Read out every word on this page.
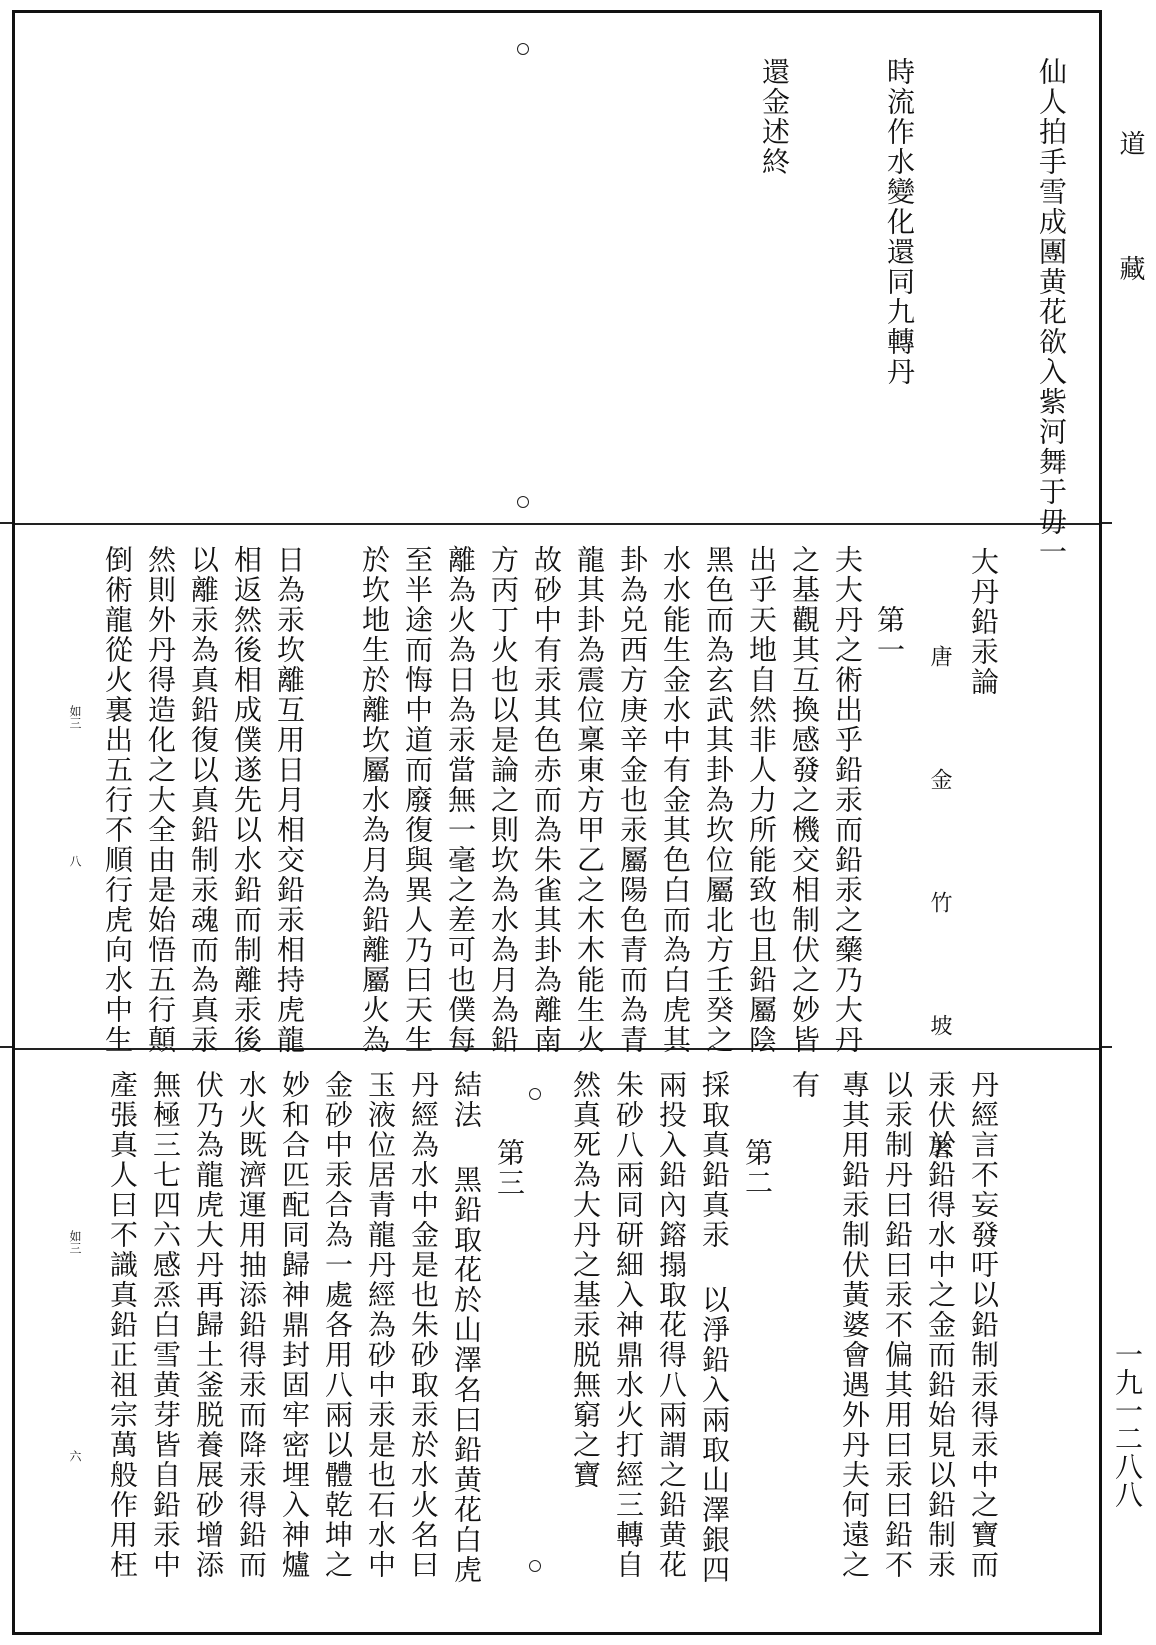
道
藏
一九一二八八
仙人拍手雪成團黄花欲入紫河舞于毋一
時流作水變化還同九轉丹
還金述終
大丹鉛汞論
唐 金 竹 坡 著
第一
夫大丹之術出乎鉛汞而鉛汞之藥乃大丹
之基觀其互換感發之機交相制伏之妙皆
出乎天地自然非人力所能致也且鉛屬陰
黑色而為玄武其卦為坎位屬北方壬癸之
水水能生金水中有金其色白而為白虎其
卦為兑西方庚辛金也汞屬陽色青而為青
龍其卦為震位稟東方甲乙之木木能生火
故砂中有汞其色赤而為朱雀其卦為離南
方丙丁火也以是論之則坎為水為月為鉛
離為火為日為汞當無一毫之差可也僕每
至半途而悔中道而廢復與異人乃曰天生
於坎地生於離坎屬水為月為鉛離屬火為
日為汞坎離互用日月相交鉛汞相持虎龍
相返然後相成僕遂先以水鉛而制離汞後
以離汞為真鉛復以真鉛制汞魂而為真汞
然則外丹得造化之大全由是始悟五行顛
倒術龍從火裏出五行不順行虎向水中生
如三
八
丹經言不妄發吁以鉛制汞得汞中之寶而
汞伏於鉛得水中之金而鉛始見以鉛制汞
以汞制丹曰鉛曰汞不偏其用曰汞曰鉛不
專其用鉛汞制伏黃婆會遇外丹夫何遠之
有
第二
採取真鉛真汞 以淨鉛入兩取山澤銀四
兩投入鉛內鎔搨取花得八兩謂之鉛黄花
朱砂八兩同研細入神鼎水火打經三轉自
然真死為大丹之基汞脱無窮之寶
第三
結法 黑鉛取花於山澤名曰鉛黄花白虎
丹經為水中金是也朱砂取汞於水火名曰
玉液位居青龍丹經為砂中汞是也石水中
金砂中汞合為一處各用八兩以體乾坤之
妙和合匹配同歸神鼎封固牢密埋入神爐
水火既濟運用抽添鉛得汞而降汞得鉛而
伏乃為龍虎大丹再歸土釜脱養展砂增添
無極三七四六感烝白雪黄芽皆自鉛汞中
產張真人曰不識真鉛正祖宗萬般作用枉
如三
六
